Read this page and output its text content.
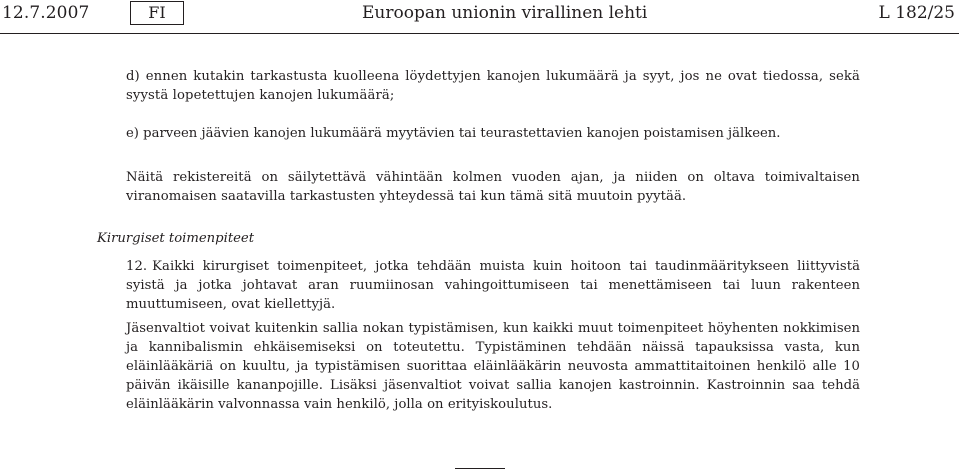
12.7.2007	FI	Euroopan unionin virallinen lehti	L 182/25

d) ennen kutakin tarkastusta kuolleena löydettyjen kanojen lukumäärä ja syyt, jos ne ovat tiedossa, sekä syystä lopetettujen kanojen lukumäärä;

e) parveen jäävien kanojen lukumäärä myytävien tai teurastettavien kanojen poistamisen jälkeen.

Näitä rekistereitä on säilytettävä vähintään kolmen vuoden ajan, ja niiden on oltava toimivaltaisen viranomaisen saatavilla tarkastusten yhteydessä tai kun tämä sitä muutoin pyytää.

Kirurgiset toimenpiteet

12. Kaikki kirurgiset toimenpiteet, jotka tehdään muista kuin hoitoon tai taudinmääritykseen liittyvistä syistä ja jotka johtavat aran ruumiinosan vahingoittumiseen tai menettämiseen tai luun rakenteen muuttumiseen, ovat kiellettyjä.

Jäsenvaltiot voivat kuitenkin sallia nokan typistämisen, kun kaikki muut toimenpiteet höyhenten nokkimisen ja kannibalismin ehkäisemiseksi on toteutettu. Typistäminen tehdään näissä tapauksissa vasta, kun eläinlääkäriä on kuultu, ja typistämisen suorittaa eläinlääkärin neuvosta ammattitaitoinen henkilö alle 10 päivän ikäisille kananpojille. Lisäksi jäsenvaltiot voivat sallia kanojen kastroinnin. Kastroinnin saa tehdä eläinlääkärin valvonnassa vain henkilö, jolla on erityiskoulutus.
